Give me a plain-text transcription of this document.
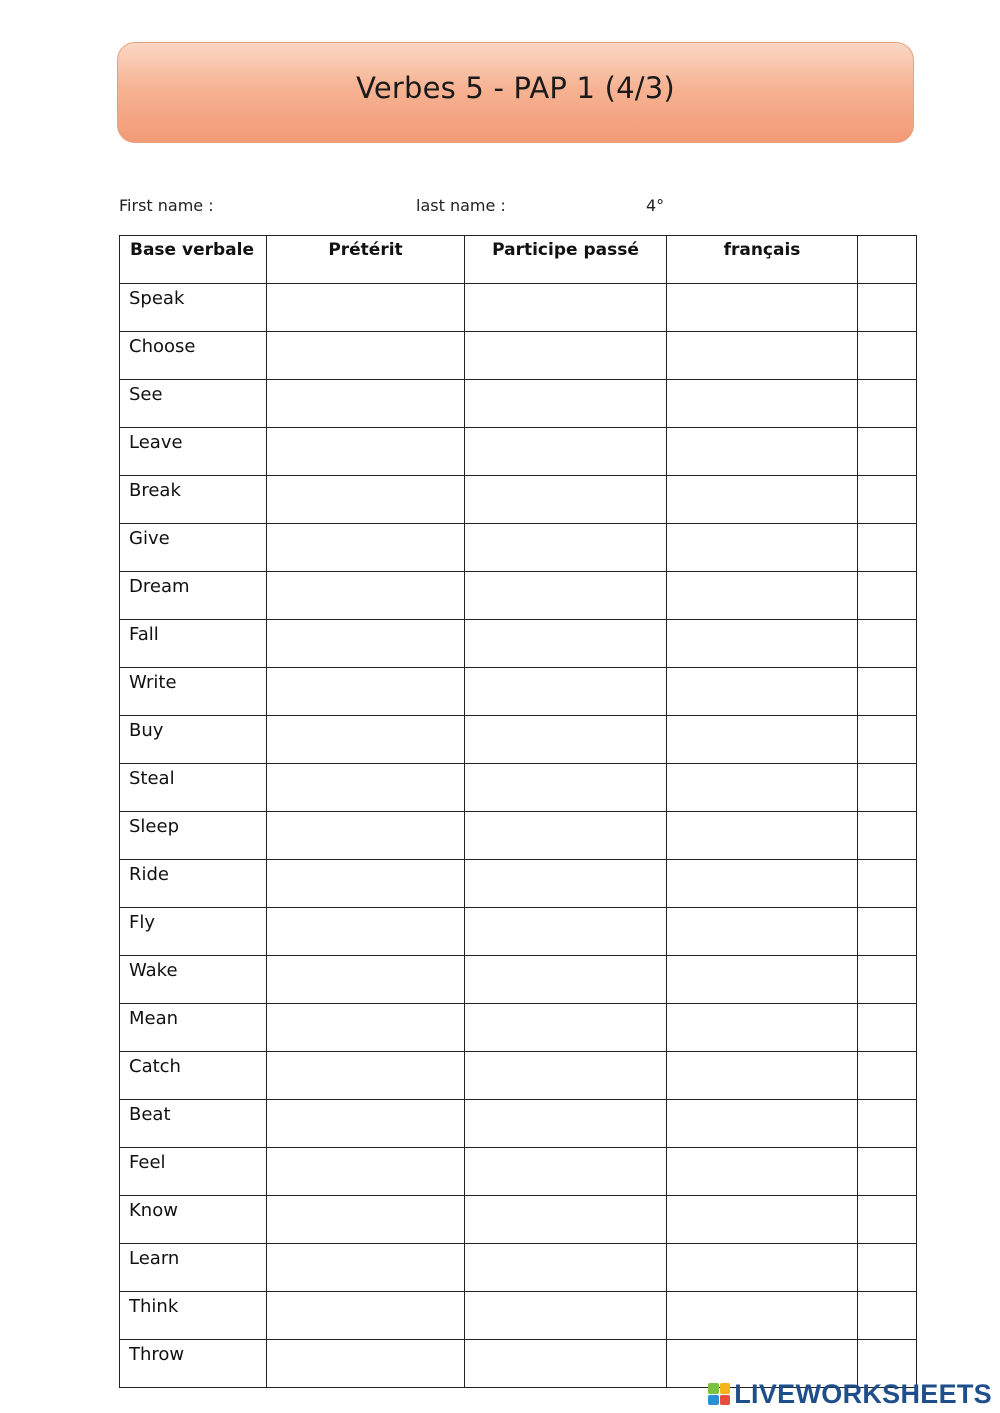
Verbes 5 - PAP 1 (4/3)
First name :	last name :	4°
Base verbale	Prétérit	Participe passé	français	
Speak				
Choose				
See				
Leave				
Break				
Give				
Dream				
Fall				
Write				
Buy				
Steal				
Sleep				
Ride				
Fly				
Wake				
Mean				
Catch				
Beat				
Feel				
Know				
Learn				
Think				
Throw				
LIVEWORKSHEETS
